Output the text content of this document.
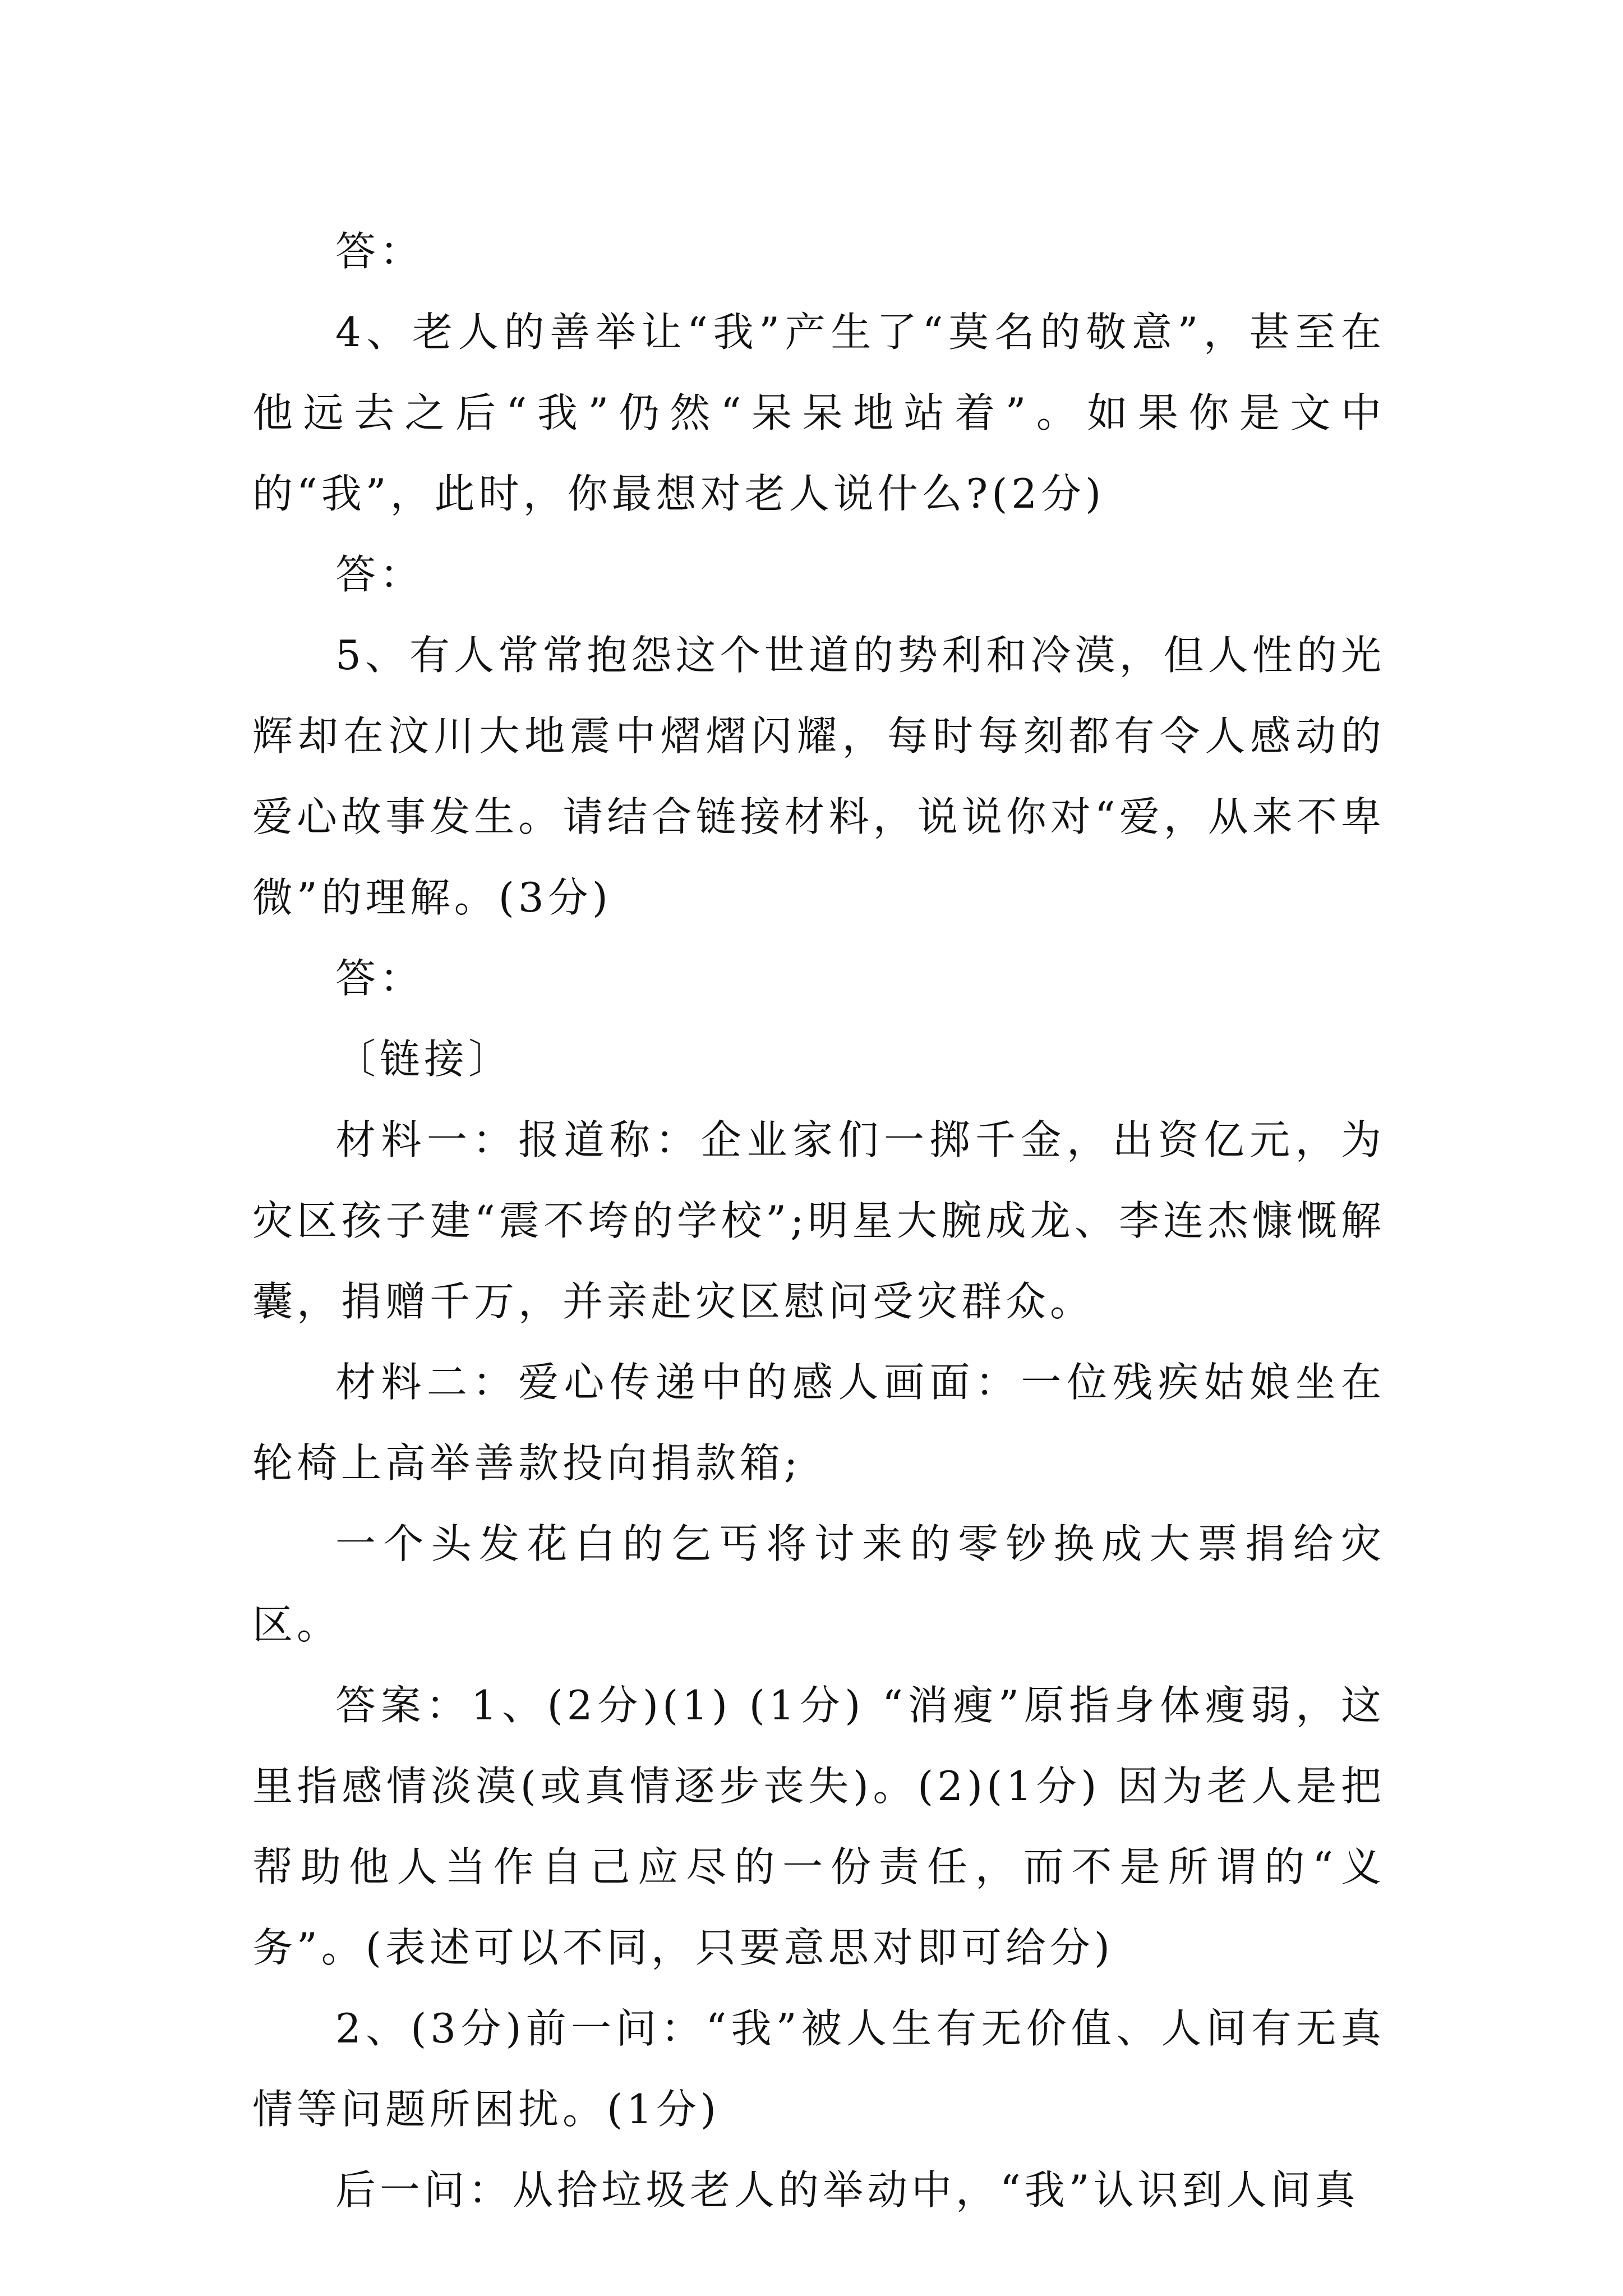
答：

4、老人的善举让“我”产生了“莫名的敬意”，甚至在他远去之后“我”仍然“呆呆地站着”。如果你是文中的“我”，此时，你最想对老人说什么?(2分)

答：

5、有人常常抱怨这个世道的势利和冷漠，但人性的光辉却在汶川大地震中熠熠闪耀，每时每刻都有令人感动的爱心故事发生。请结合链接材料，说说你对“爱，从来不卑微”的理解。(3分)

答：

〔链接〕

材料一：报道称：企业家们一掷千金，出资亿元，为灾区孩子建“震不垮的学校”;明星大腕成龙、李连杰慷慨解囊，捐赠千万，并亲赴灾区慰问受灾群众。

材料二：爱心传递中的感人画面：一位残疾姑娘坐在轮椅上高举善款投向捐款箱;

一个头发花白的乞丐将讨来的零钞换成大票捐给灾区。

答案：1、(2分)(1) (1分) “消瘦”原指身体瘦弱，这里指感情淡漠(或真情逐步丧失)。(2)(1分) 因为老人是把帮助他人当作自己应尽的一份责任，而不是所谓的“义务”。(表述可以不同，只要意思对即可给分)

2、(3分)前一问：“我”被人生有无价值、人间有无真情等问题所困扰。(1分)

后一问：从拾垃圾老人的举动中，“我”认识到人间真
